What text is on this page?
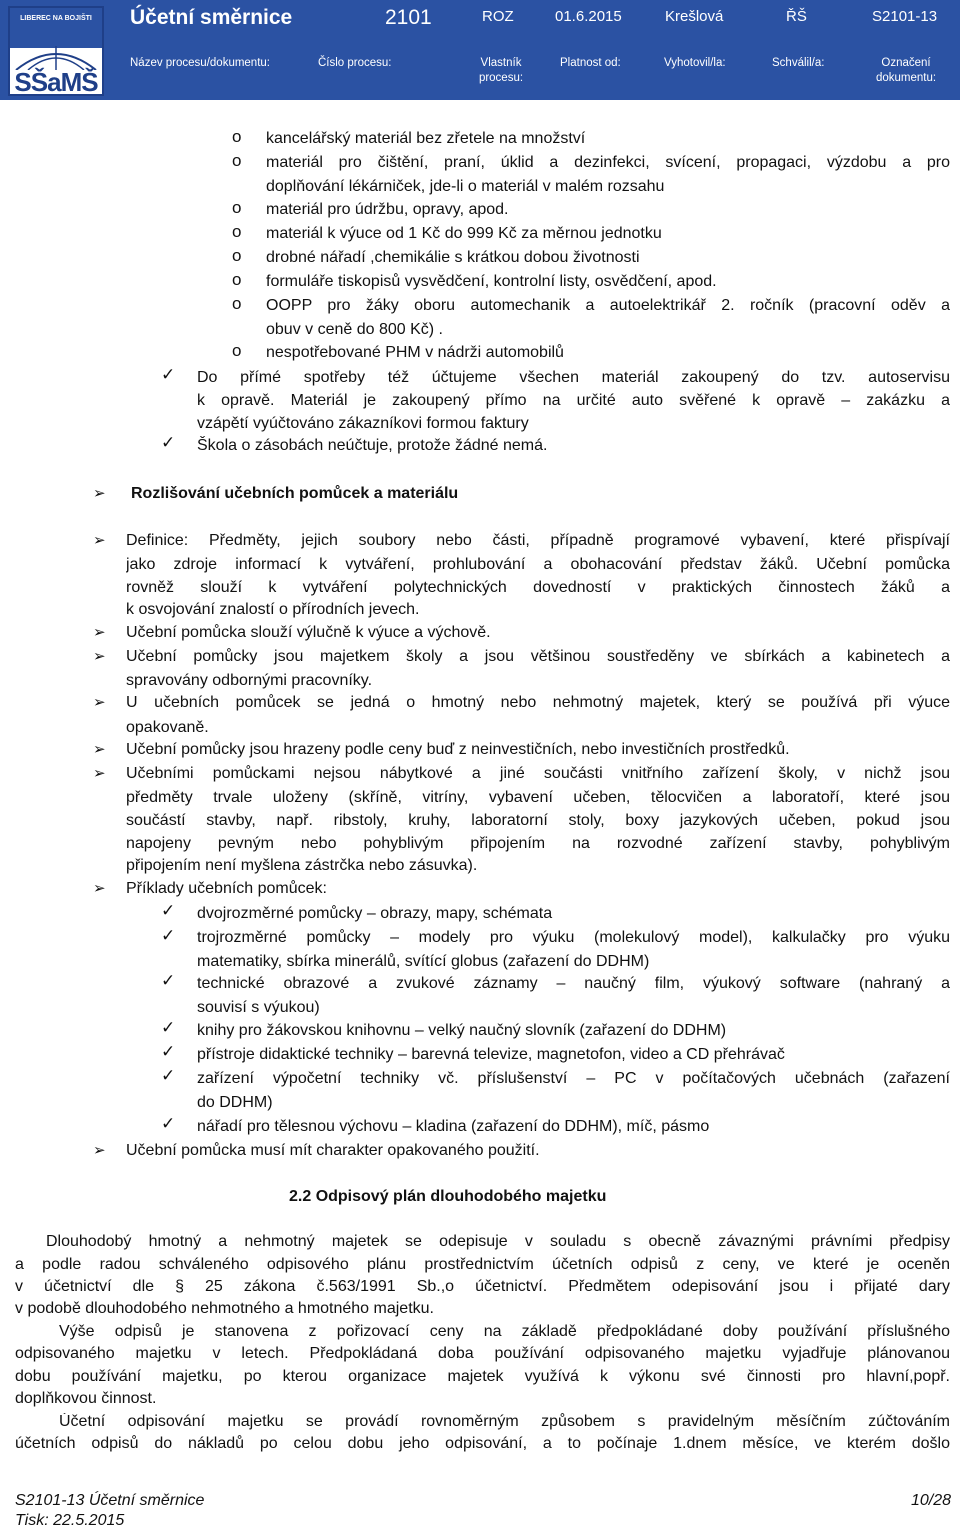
LIBEREC NA BOJIŠTI
SŠaMŠ
Účetní směrnice	2101	ROZ	01.6.2015	Krešlová	ŘŠ	S2101-13
Název procesu/dokumentu:	Číslo procesu:	Vlastník procesu:
Platnost od:	Vyhotovil/la:	Schválil/a:	Označení dokumentu:
o kancelářský materiál bez zřetele na množství
o materiál pro čištění, praní, úklid a dezinfekci, svícení, propagaci, výzdobu a pro
doplňování lékárniček, jde-li o materiál v malém rozsahu
o materiál pro údržbu, opravy, apod.
o materiál k výuce od 1 Kč do 999 Kč za měrnou jednotku
o drobné nářadí ,chemikálie s krátkou dobou životnosti
o formuláře tiskopisů vysvědčení, kontrolní listy, osvědčení, apod.
o OOPP pro žáky oboru automechanik a autoelektrikář 2. ročník (pracovní oděv a
obuv v ceně do 800 Kč) .
o nespotřebované PHM v nádrži automobilů
✓ Do přímé spotřeby též účtujeme všechen materiál zakoupený do tzv. autoservisu
k opravě. Materiál je zakoupený přímo na určité auto svěřené k opravě – zakázku a
vzápětí vyúčtováno zákazníkovi formou faktury
✓ Škola o zásobách neúčtuje, protože žádné nemá.
➢ Rozlišování učebních pomůcek a materiálu
➢ Definice: Předměty, jejich soubory nebo části, případně programové vybavení, které přispívají
jako zdroje informací k vytváření, prohlubování a obohacování představ žáků. Učební pomůcka
rovněž slouží k vytváření polytechnických dovedností v praktických činnostech žáků a
k osvojování znalostí o přírodních jevech.
➢ Učební pomůcka slouží výlučně k výuce a výchově.
➢ Učební pomůcky jsou majetkem školy a jsou většinou soustředěny ve sbírkách a kabinetech a
spravovány odbornými pracovníky.
➢ U učebních pomůcek se jedná o hmotný nebo nehmotný majetek, který se používá při výuce
opakovaně.
➢ Učební pomůcky jsou hrazeny podle ceny buď z neinvestičních, nebo investičních prostředků.
➢ Učebními pomůckami nejsou nábytkové a jiné součásti vnitřního zařízení školy, v nichž jsou
předměty trvale uloženy (skříně, vitríny, vybavení učeben, tělocvičen a laboratoří, které jsou
součástí stavby, např. ribstoly, kruhy, laboratorní stoly, boxy jazykových učeben, pokud jsou
napojeny pevným nebo pohyblivým připojením na rozvodné zařízení stavby, pohyblivým
připojením není myšlena zástrčka nebo zásuvka).
➢ Příklady učebních pomůcek:
✓ dvojrozměrné pomůcky – obrazy, mapy, schémata
✓ trojrozměrné pomůcky – modely pro výuku (molekulový model), kalkulačky pro výuku
matematiky, sbírka minerálů, svítící globus (zařazení do DDHM)
✓ technické obrazové a zvukové záznamy – naučný film, výukový software (nahraný a
souvisí s výukou)
✓ knihy pro žákovskou knihovnu – velký naučný slovník (zařazení do DDHM)
✓ přístroje didaktické techniky – barevná televize, magnetofon, video a CD přehrávač
✓ zařízení výpočetní techniky vč. příslušenství – PC v počítačových učebnách (zařazení
do DDHM)
✓ nářadí pro tělesnou výchovu – kladina (zařazení do DDHM), míč, pásmo
➢ Učební pomůcka musí mít charakter opakovaného použití.
2.2 Odpisový plán dlouhodobého majetku
Dlouhodobý hmotný a nehmotný majetek se odepisuje v souladu s obecně závaznými právními předpisy
a podle radou schváleného odpisového plánu prostřednictvím účetních odpisů z ceny, ve které je oceněn
v účetnictví dle § 25 zákona č.563/1991 Sb.,o účetnictví. Předmětem odepisování jsou i přijaté dary
v podobě dlouhodobého nehmotného a hmotného majetku.
Výše odpisů je stanovena z pořizovací ceny na základě předpokládané doby používání příslušného
odpisovaného majetku v letech. Předpokládaná doba používání odpisovaného majetku vyjadřuje plánovanou
dobu používání majetku, po kterou organizace majetek využívá k výkonu své činnosti pro hlavní,popř.
doplňkovou činnost.
Účetní odpisování majetku se provádí rovnoměrným způsobem s pravidelným měsíčním zúčtováním
účetních odpisů do nákladů po celou dobu jeho odpisování, a to počínaje 1.dnem měsíce, ve kterém došlo
S2101-13 Účetní směrnice
Tisk: 22.5.2015
10/28
